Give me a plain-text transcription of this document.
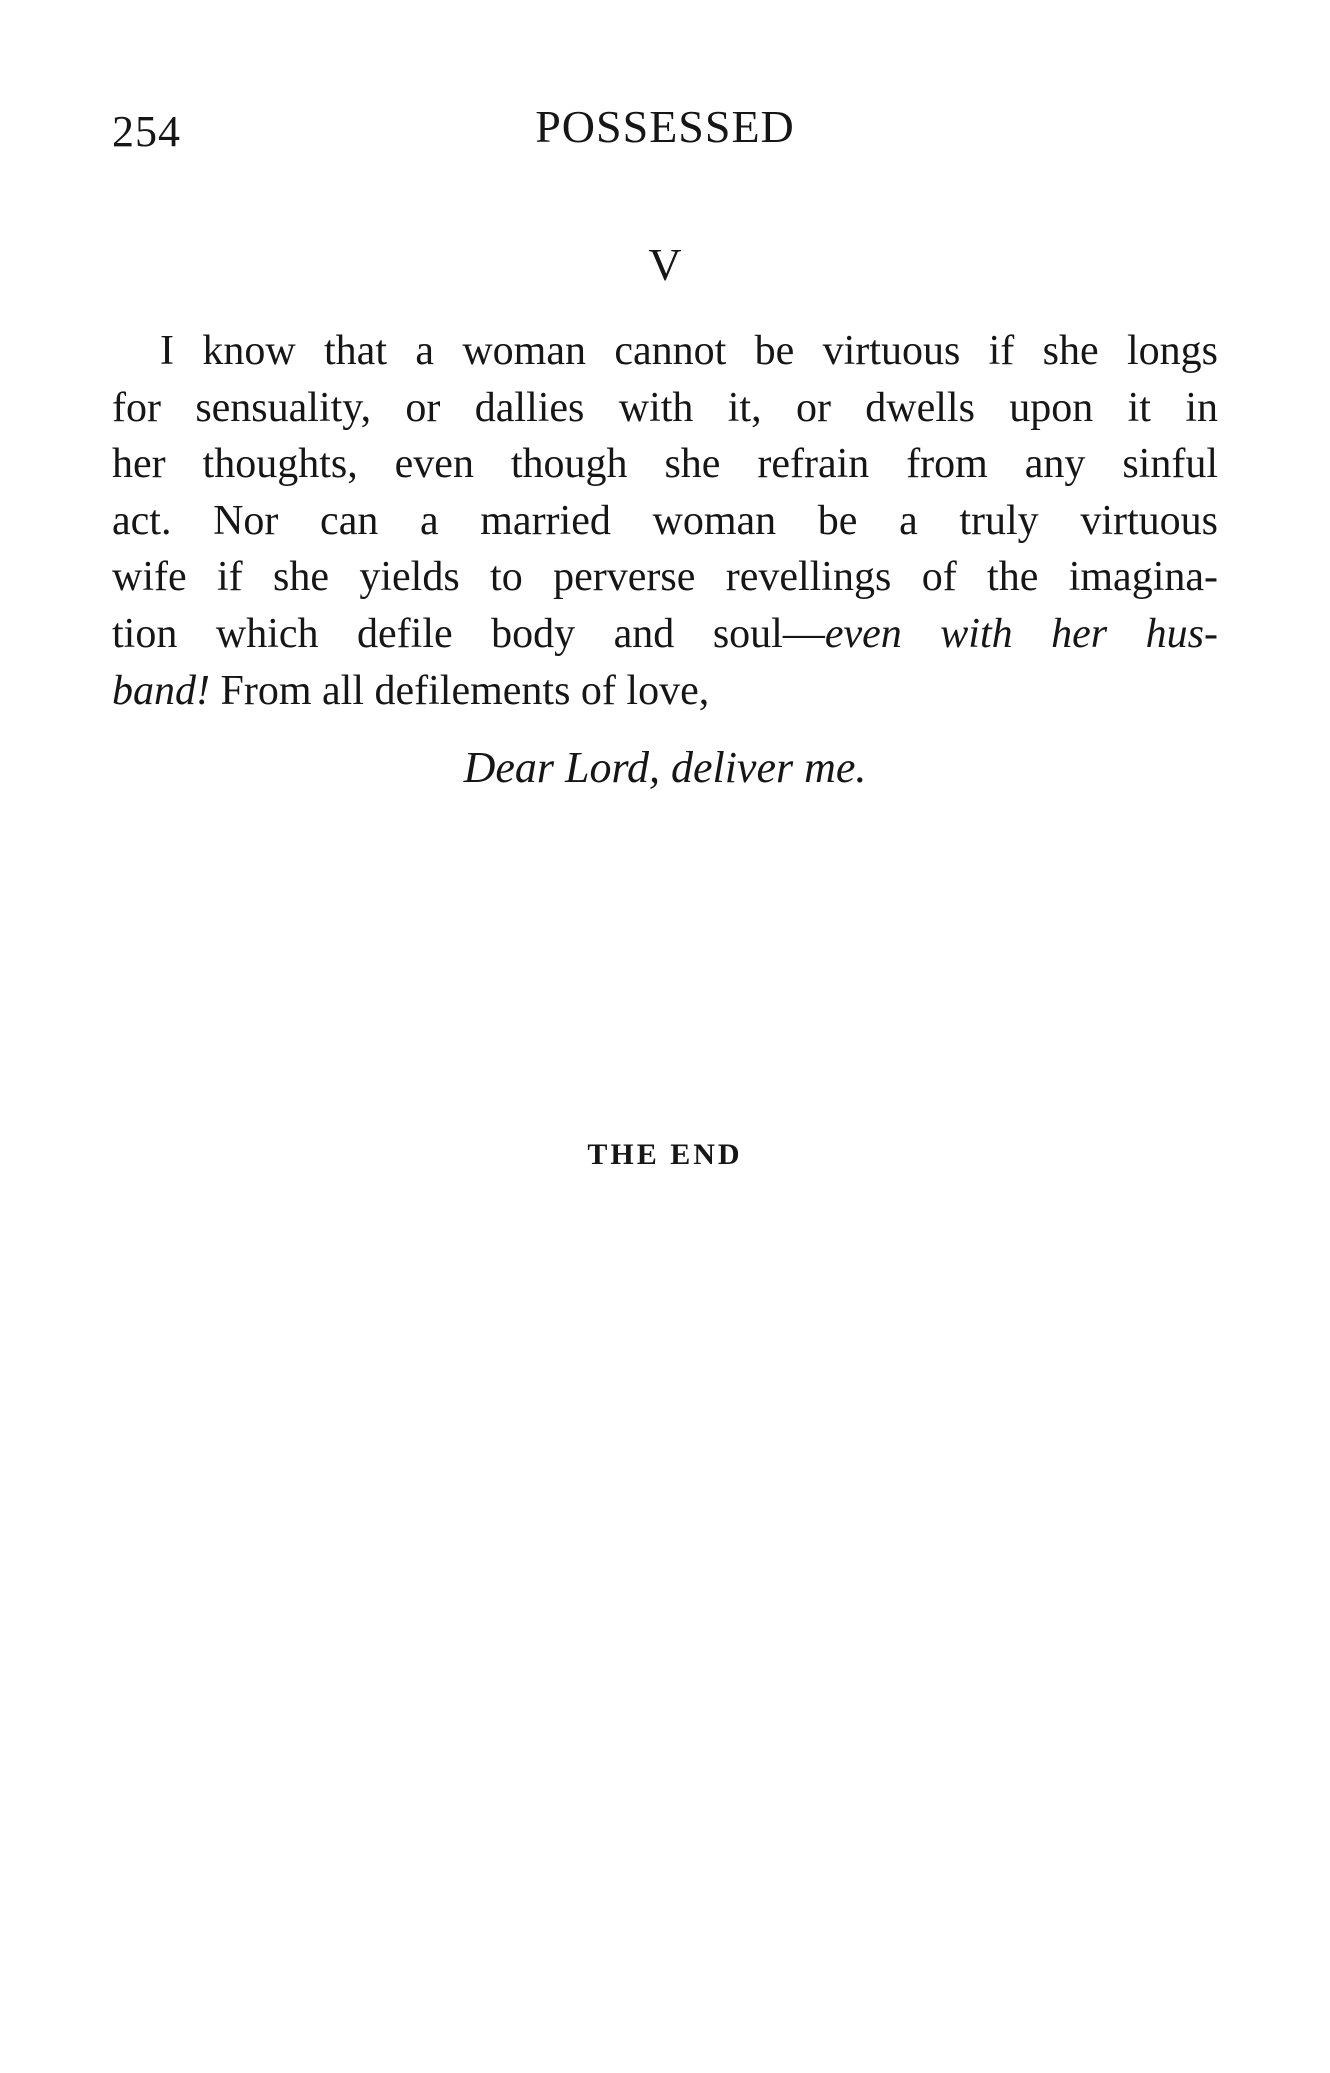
254	POSSESSED
V

I know that a woman cannot be virtuous if she longs
for sensuality, or dallies with it, or dwells upon it in
her thoughts, even though she refrain from any sinful
act. Nor can a married woman be a truly virtuous
wife if she yields to perverse revellings of the imagina-
tion which defile body and soul—even with her hus-
band! From all defilements of love,

Dear Lord, deliver me.
THE END
